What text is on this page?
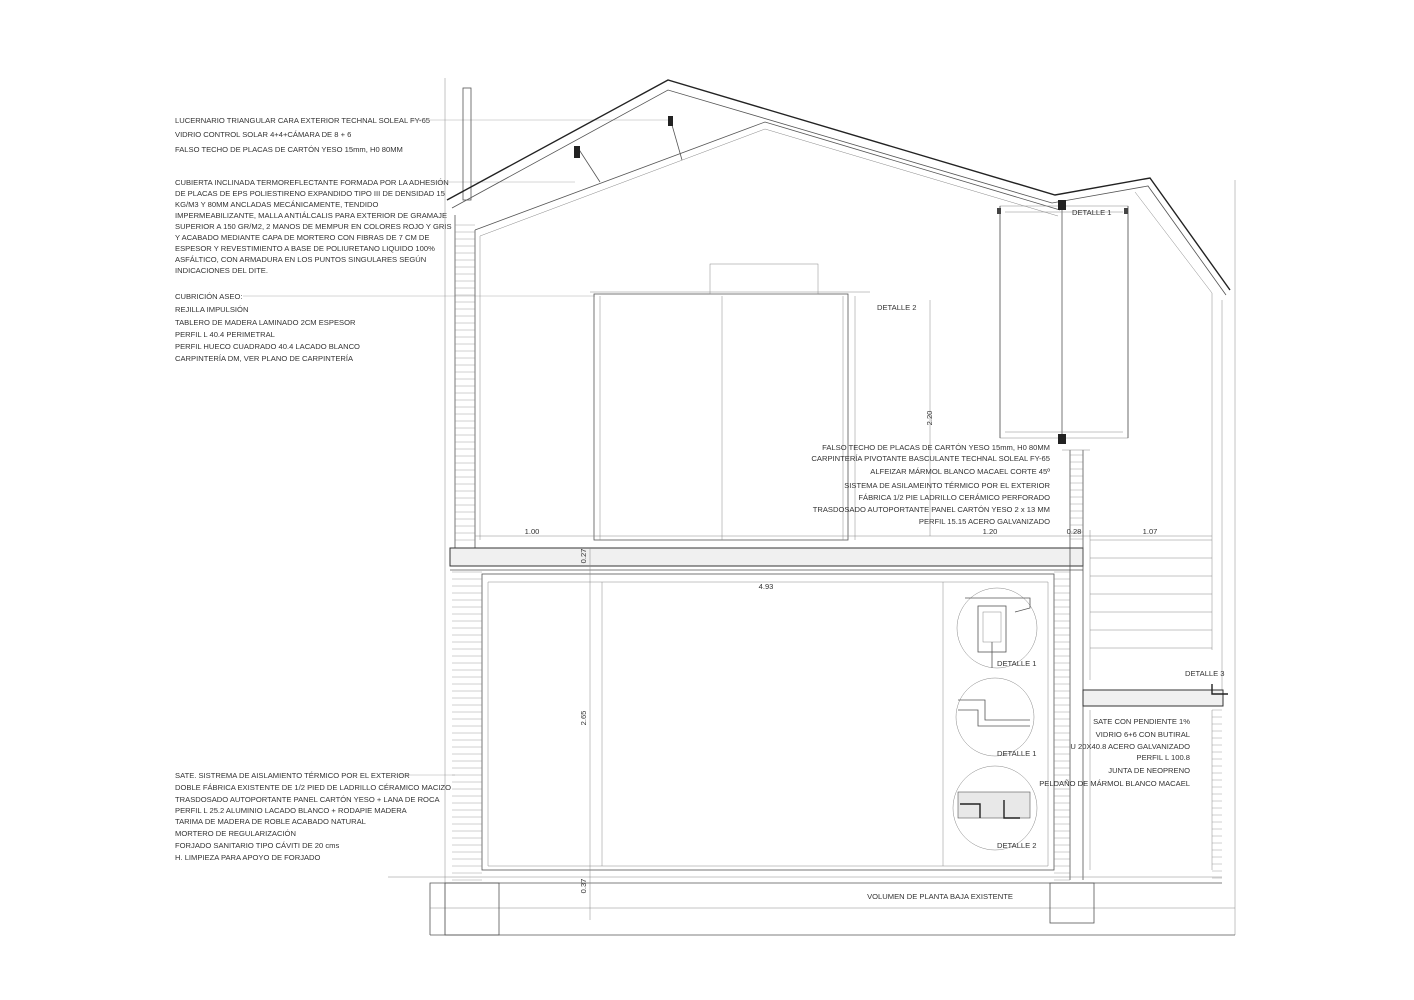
LUCERNARIO TRIANGULAR CARA EXTERIOR TECHNAL SOLEAL FY-65
VIDRIO CONTROL SOLAR 4+4+CÁMARA DE 8 + 6
FALSO TECHO DE PLACAS DE CARTÓN YESO 15mm, H0 80MM
CUBIERTA INCLINADA TERMOREFLECTANTE FORMADA POR LA ADHESIÓN
DE PLACAS DE EPS POLIESTIRENO EXPANDIDO TIPO III DE DENSIDAD 15
KG/M3 Y 80MM ANCLADAS MECÁNICAMENTE, TENDIDO
IMPERMEABILIZANTE, MALLA ANTIÁLCALIS PARA EXTERIOR DE GRAMAJE
SUPERIOR A 150 GR/M2, 2 MANOS DE MEMPUR EN COLORES ROJO Y GRIS
Y ACABADO MEDIANTE CAPA DE MORTERO CON FIBRAS DE 7 CM DE
ESPESOR Y REVESTIMIENTO A BASE DE POLIURETANO LIQUIDO 100%
ASFÁLTICO, CON ARMADURA EN LOS PUNTOS SINGULARES SEGÚN
INDICACIONES DEL DITE.
CUBRICIÓN ASEO:
REJILLA IMPULSIÓN
TABLERO DE MADERA LAMINADO 2CM ESPESOR
PERFIL L 40.4 PERIMETRAL
PERFIL HUECO CUADRADO 40.4 LACADO BLANCO
CARPINTERÍA DM, VER PLANO DE CARPINTERÍA
SATE. SISTREMA DE AISLAMIENTO TÉRMICO POR EL EXTERIOR
DOBLE FÁBRICA EXISTENTE DE 1/2 PIED DE LADRILLO CÉRAMICO MACIZO
TRASDOSADO AUTOPORTANTE PANEL CARTÓN YESO + LANA DE ROCA
PERFIL L 25.2 ALUMINIO LACADO BLANCO + RODAPIE MADERA
TARIMA DE MADERA DE ROBLE ACABADO NATURAL
MORTERO DE REGULARIZACIÓN
FORJADO SANITARIO TIPO CÁVITI DE 20 cms
H. LIMPIEZA PARA APOYO DE FORJADO
DETALLE 1
DETALLE 2
DETALLE 3
DETALLE 1
DETALLE 1
DETALLE 2
FALSO TECHO DE PLACAS DE CARTÓN YESO 15mm, H0 80MM
CARPINTERÍA PIVOTANTE BASCULANTE TECHNAL SOLEAL FY-65
ALFEIZAR MÁRMOL BLANCO MACAEL CORTE 45º
SISTEMA DE ASILAMEINTO TÉRMICO POR EL EXTERIOR
FÁBRICA 1/2 PIE LADRILLO CERÁMICO PERFORADO
TRASDOSADO AUTOPORTANTE PANEL CARTÓN YESO 2 x 13 MM
PERFIL 15.15 ACERO GALVANIZADO
SATE CON PENDIENTE 1%
VIDRIO 6+6 CON BUTIRAL
U 20X40.8 ACERO GALVANIZADO
PERFIL L 100.8
JUNTA DE NEOPRENO
PELDAÑO DE MÁRMOL BLANCO MACAEL
1.00	1.20	0.28	1.07
4.93
0.27
2.65
0.37
2.20
VOLUMEN DE PLANTA BAJA EXISTENTE
